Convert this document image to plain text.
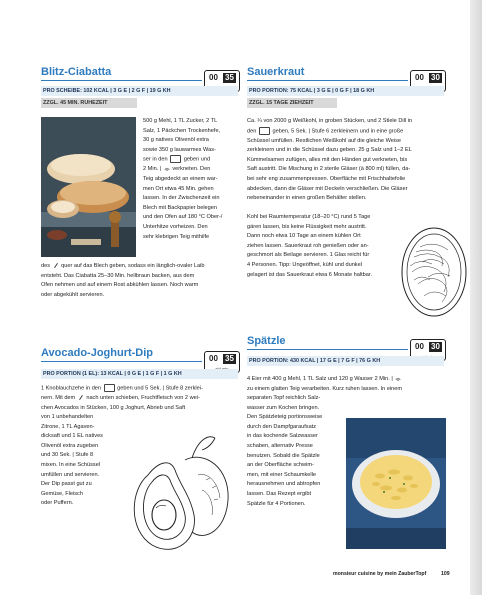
Blitz-Ciabatta	00 35
PRO SCHEIBE: 102 KCAL | 3 G E | 2 G F | 19 G KH
ZZGL. 45 MIN. RUHEZEIT

500 g Mehl, 1 TL Zucker, 2 TL

Salz, 1 Päckchen Trockenhefe,

30 g natives Olivenöl extra

sowie 350 g lauwarmes Was-

ser in den	geben und

2 Min. | verkneten. Den

Teig abgedeckt an einem war-

men Ort etwa 45 Min. gehen

lassen. In der Zwischenzeit ein

Blech mit Backpapier belegen

und den Ofen auf 180 °C Ober-/

Unterhitze vorheizen. Den

sehr klebrigen Teig mithilfe

des quer auf das Blech geben, sodass ein länglich-ovaler Laib

entsteht. Das Ciabatta 25–30 Min. hellbraun backen, aus dem

Ofen nehmen und auf einem Rost abkühlen lassen. Noch warm

oder abgekühlt servieren.

Avocado-Joghurt-Dip	00 35
PRO PORTION (1 EL): 13 KCAL | 0 G E | 1 G F | 1 G KH

1 Knoblauchzehe in den	geben und 5 Sek. | Stufe 8 zerklei-

nern. Mit dem nach unten schieben, Fruchtfleisch von 2 wei-

chen Avocados in Stücken, 100 g Joghurt, Abrieb und Saft

von 1 unbehandelten

Zitrone, 1 TL Agaven-

dicksaft und 1 EL natives

Olivenöl extra zugeben

und 30 Sek. | Stufe 8

mixen. In eine Schüssel

umfüllen und servieren.

Der Dip passt gut zu

Gemüse, Fleisch

oder Puffern.

Sauerkraut	00 30
PRO PORTION: 75 KCAL | 3 G E | 0 G F | 18 G KH
ZZGL. 15 TAGE ZIEHZEIT

Ca. ¼ von 2000 g Weißkohl, in groben Stücken, und 2 Stiele Dill in

den	geben, 5 Sek. | Stufe 6 zerkleinern und in eine große

Schüssel umfüllen. Restlichen Weißkohl auf die gleiche Weise

zerkleinern und in die Schüssel dazu geben. 25 g Salz und 1–2 EL

Kümmelsamen zufügen, alles mit den Händen gut verkneten, bis

Saft austritt. Die Mischung in 2 sterile Gläser (à 800 ml) füllen, da-

bei sehr eng zusammenpressen. Oberfläche mit Frischhaltefolie

abdecken, dann die Gläser mit Deckeln verschließen. Die Gläser

nebeneinander in einen großen Behälter stellen.

Kohl bei Raumtemperatur (18–20 °C) rund 5 Tage

gären lassen, bis keine Flüssigkeit mehr austritt.

Dann noch etwa 10 Tage an einem kühlen Ort

ziehen lassen. Sauerkraut roh genießen oder an-

geschmort als Beilage servieren. 1 Glas reicht für

4 Personen. Tipp: Ungeöffnet, kühl und dunkel

gelagert ist das Sauerkraut etwa 6 Monate haltbar.

Spätzle	00 30
PRO PORTION: 430 KCAL | 17 G E | 7 G F | 76 G KH

4 Eier mit 400 g Mehl, 1 TL Salz und 120 g Wasser 2 Min. |

zu einem glatten Teig verarbeiten. Kurz ruhen lassen. In einem

separaten Topf reichlich Salz-

wasser zum Kochen bringen.

Den Spätzleteig portionsweise

durch den Dampfgaraufsatz

in das kochende Salzwasser

schaben, alternativ Presse

benutzen. Sobald die Spätzle

an der Oberfläche schwim-

men, mit einer Schaumkelle

herausnehmen und abtropfen

lassen. Das Rezept ergibt

Spätzle für 4 Portionen.

monsieur cuisine by mein ZauberTopf	109
